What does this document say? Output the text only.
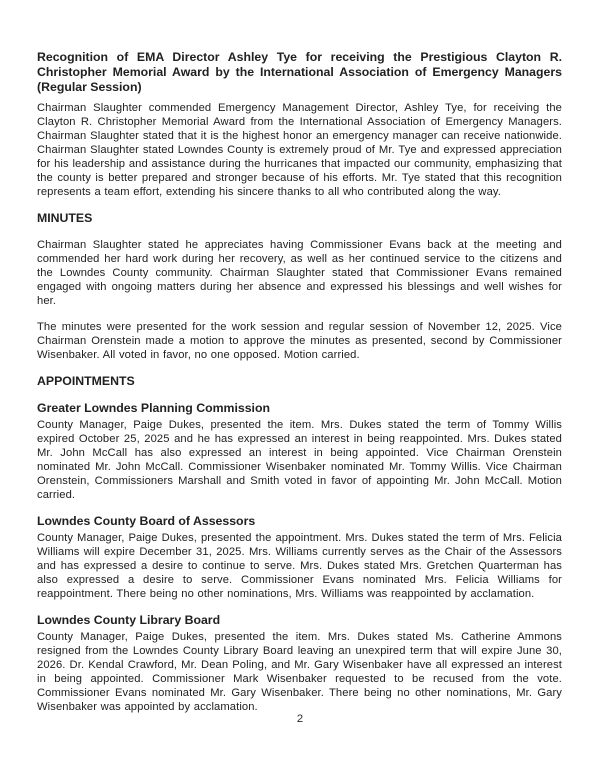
Recognition of EMA Director Ashley Tye for receiving the Prestigious Clayton R. Christopher Memorial Award by the International Association of Emergency Managers (Regular Session)

Chairman Slaughter commended Emergency Management Director, Ashley Tye, for receiving the Clayton R. Christopher Memorial Award from the International Association of Emergency Managers. Chairman Slaughter stated that it is the highest honor an emergency manager can receive nationwide. Chairman Slaughter stated Lowndes County is extremely proud of Mr. Tye and expressed appreciation for his leadership and assistance during the hurricanes that impacted our community, emphasizing that the county is better prepared and stronger because of his efforts. Mr. Tye stated that this recognition represents a team effort, extending his sincere thanks to all who contributed along the way.

MINUTES

Chairman Slaughter stated he appreciates having Commissioner Evans back at the meeting and commended her hard work during her recovery, as well as her continued service to the citizens and the Lowndes County community. Chairman Slaughter stated that Commissioner Evans remained engaged with ongoing matters during her absence and expressed his blessings and well wishes for her.

The minutes were presented for the work session and regular session of November 12, 2025. Vice Chairman Orenstein made a motion to approve the minutes as presented, second by Commissioner Wisenbaker. All voted in favor, no one opposed. Motion carried.

APPOINTMENTS
Greater Lowndes Planning Commission

County Manager, Paige Dukes, presented the item. Mrs. Dukes stated the term of Tommy Willis expired October 25, 2025 and he has expressed an interest in being reappointed. Mrs. Dukes stated Mr. John McCall has also expressed an interest in being appointed. Vice Chairman Orenstein nominated Mr. John McCall. Commissioner Wisenbaker nominated Mr. Tommy Willis. Vice Chairman Orenstein, Commissioners Marshall and Smith voted in favor of appointing Mr. John McCall. Motion carried.

Lowndes County Board of Assessors

County Manager, Paige Dukes, presented the appointment. Mrs. Dukes stated the term of Mrs. Felicia Williams will expire December 31, 2025. Mrs. Williams currently serves as the Chair of the Assessors and has expressed a desire to continue to serve. Mrs. Dukes stated Mrs. Gretchen Quarterman has also expressed a desire to serve. Commissioner Evans nominated Mrs. Felicia Williams for reappointment. There being no other nominations, Mrs. Williams was reappointed by acclamation.

Lowndes County Library Board

County Manager, Paige Dukes, presented the item. Mrs. Dukes stated Ms. Catherine Ammons resigned from the Lowndes County Library Board leaving an unexpired term that will expire June 30, 2026. Dr. Kendal Crawford, Mr. Dean Poling, and Mr. Gary Wisenbaker have all expressed an interest in being appointed. Commissioner Mark Wisenbaker requested to be recused from the vote. Commissioner Evans nominated Mr. Gary Wisenbaker. There being no other nominations, Mr. Gary Wisenbaker was appointed by acclamation.

2
